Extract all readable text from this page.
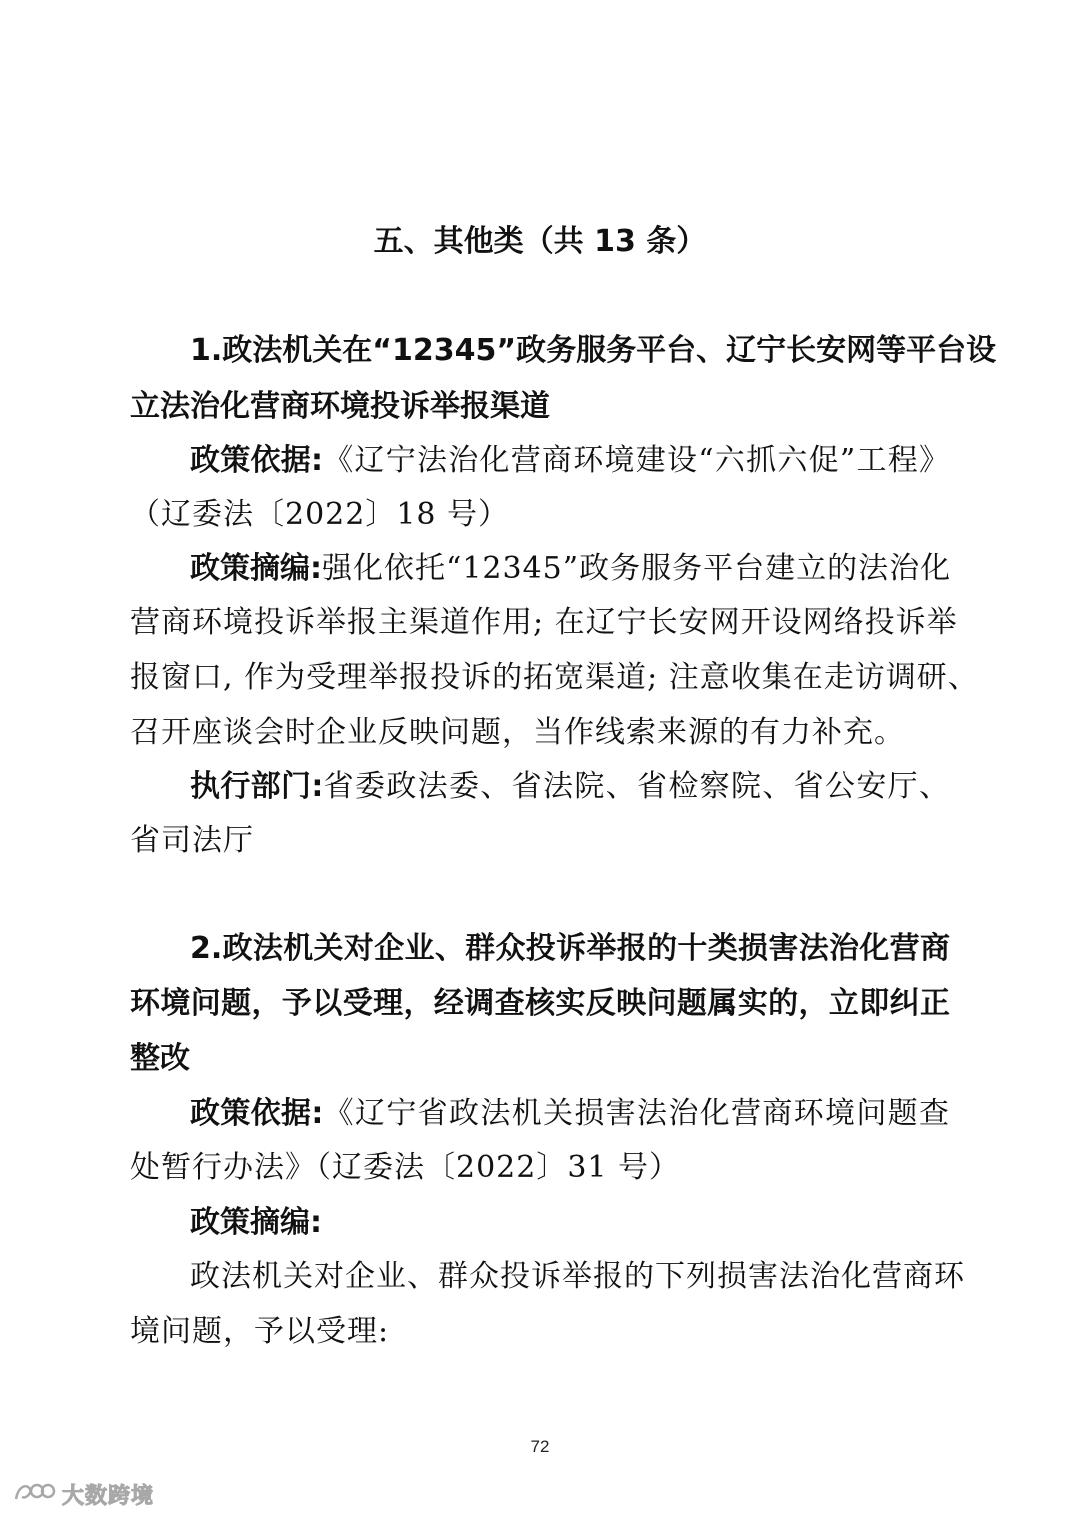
五、其他类（共 13 条）
1.政法机关在“12345”政务服务平台、辽宁长安网等平台设
立法治化营商环境投诉举报渠道
政策依据:《辽宁法治化营商环境建设“六抓六促”工程》
（辽委法〔2022〕18 号）
政策摘编:强化依托“12345”政务服务平台建立的法治化
营商环境投诉举报主渠道作用; 在辽宁长安网开设网络投诉举
报窗口, 作为受理举报投诉的拓宽渠道; 注意收集在走访调研、
召开座谈会时企业反映问题，当作线索来源的有力补充。
执行部门:省委政法委、省法院、省检察院、省公安厅、
省司法厅
2.政法机关对企业、群众投诉举报的十类损害法治化营商
环境问题，予以受理，经调查核实反映问题属实的，立即纠正
整改
政策依据:《辽宁省政法机关损害法治化营商环境问题查
处暂行办法》（辽委法〔2022〕31 号）
政策摘编:
政法机关对企业、群众投诉举报的下列损害法治化营商环
境问题，予以受理:
72
大数跨境
